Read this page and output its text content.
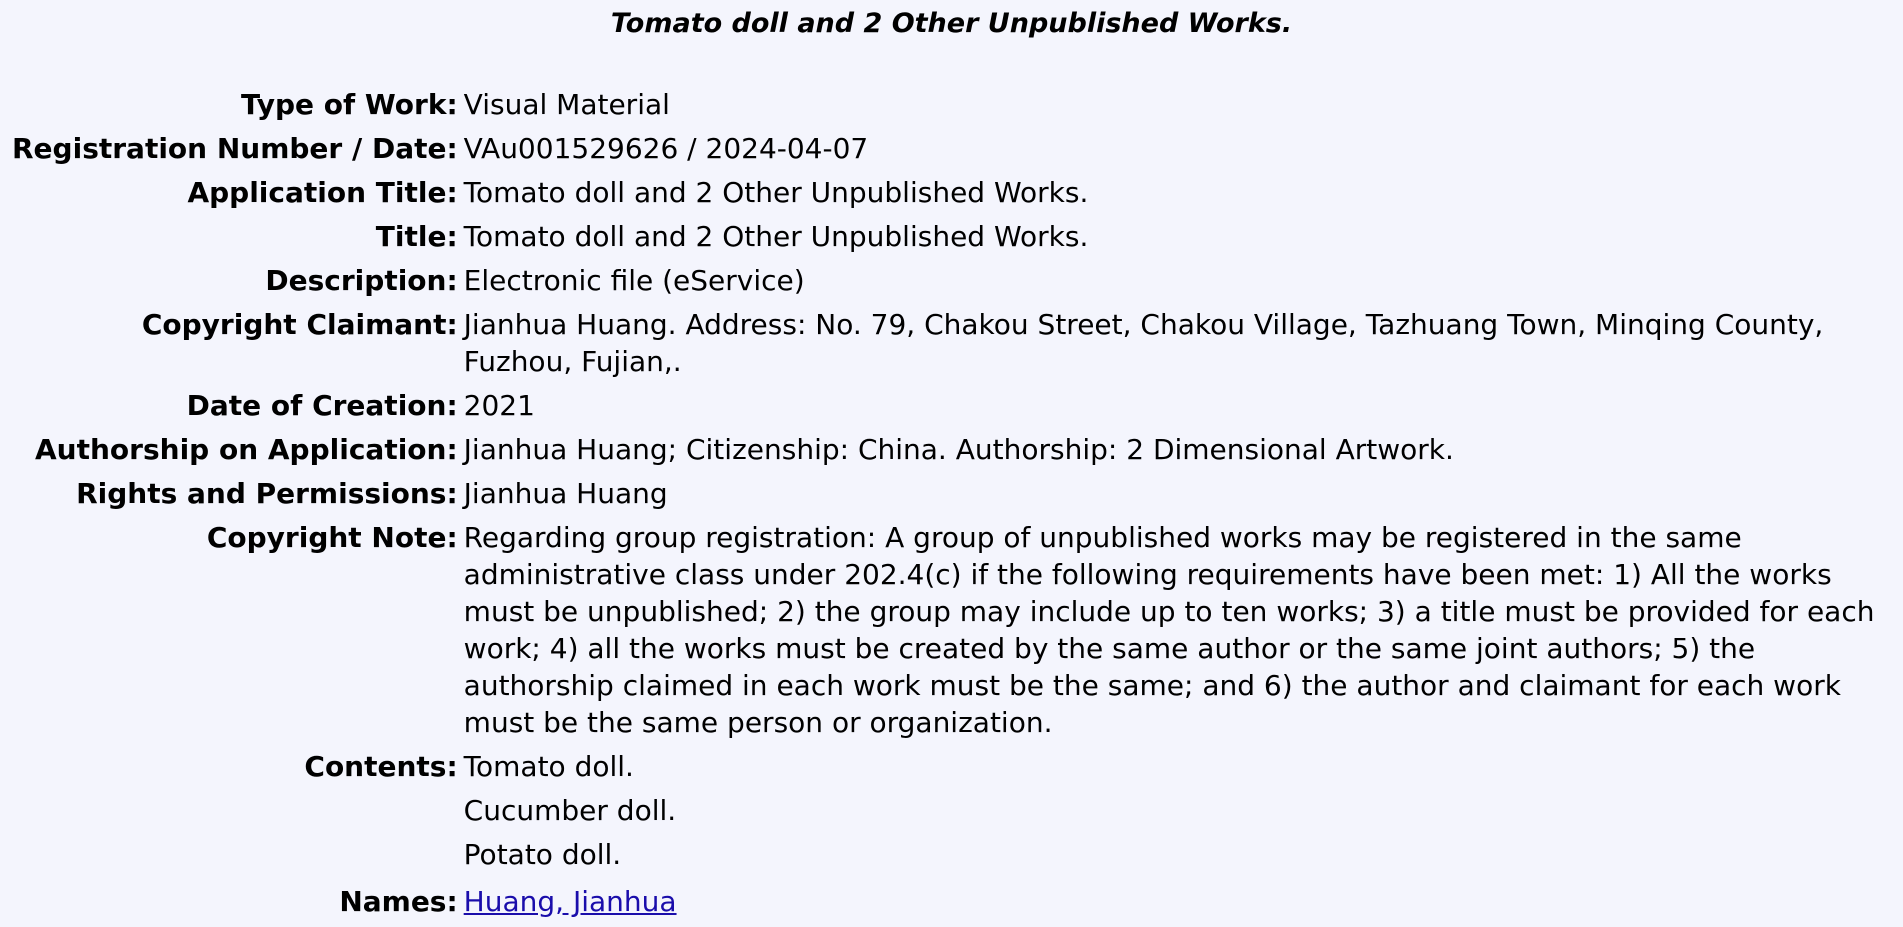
Tomato doll and 2 Other Unpublished Works.
Type of Work:	Visual Material
Registration Number / Date:	VAu001529626 / 2024-04-07
Application Title:	Tomato doll and 2 Other Unpublished Works.
Title:	Tomato doll and 2 Other Unpublished Works.
Description:	Electronic file (eService)
Copyright Claimant:	Jianhua Huang. Address: No. 79, Chakou Street, Chakou Village, Tazhuang Town, Minqing County, Fuzhou, Fujian,.
Date of Creation:	2021
Authorship on Application:	Jianhua Huang; Citizenship: China. Authorship: 2 Dimensional Artwork.
Rights and Permissions:	Jianhua Huang
Copyright Note:	Regarding group registration: A group of unpublished works may be registered in the same administrative class under 202.4(c) if the following requirements have been met: 1) All the works must be unpublished; 2) the group may include up to ten works; 3) a title must be provided for each work; 4) all the works must be created by the same author or the same joint authors; 5) the authorship claimed in each work must be the same; and 6) the author and claimant for each work must be the same person or organization.
Contents:	Tomato doll.
Cucumber doll.
Potato doll.

Names:	Huang, Jianhua
